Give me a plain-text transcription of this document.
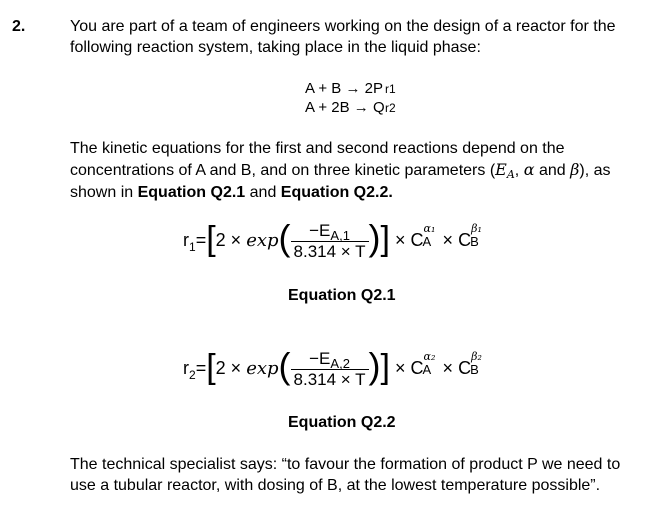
2.	You are part of a team of engineers working on the design of a reactor for the following reaction system, taking place in the liquid phase:
A + B → 2P r1
A + 2B → Q r2
The kinetic equations for the first and second reactions depend on the concentrations of A and B, and on three kinetic parameters (EA, α and β), as shown in Equation Q2.1 and Equation Q2.2.
$r_1=[2 \times \exp( \frac{-E_{A,1}}{8.314 \times T}$ )] × C
α₁
A × C
β₁
B
Equation Q2.1
$r_2=[2 \times \exp( \frac{-E_{A,2}}{8.314 \times T}$ )] × C
α₂
A × C
β₂
B
Equation Q2.2
The technical specialist says: “to favour the formation of product P we need to use a tubular reactor, with dosing of B, at the lowest temperature possible”.
